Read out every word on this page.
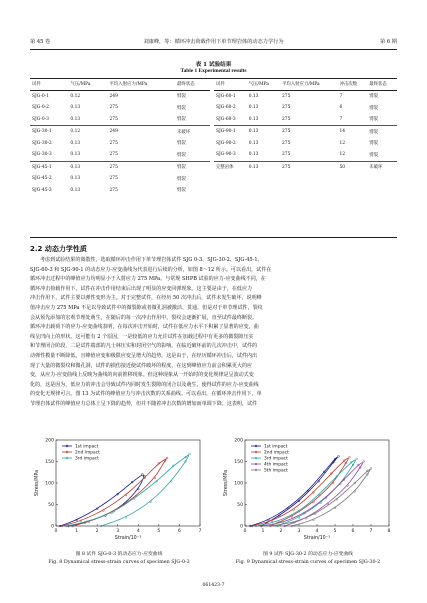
第 45 卷	刘康峰，等：循环冲击荷载作用下单节理岩体的动态力学行为	第 6 期
表 1 试验结果
Table 1 Experimental results
试件	气压/MPa	平均入射应力/MPa	最终状态
SJG-0-1	0.12	249	劈裂
SJG-0-2	0.13	275	劈裂
SJG-0-3	0.13	275	劈裂
SJG-30-1	0.12	249	未破坏
SJG-30-2	0.13	275	劈裂
SJG-30-3	0.13	275	劈裂
SJG-45-1	0.13	275	劈裂
SJG-45-2	0.13	275	劈裂
SJG-45-3	0.13	275	劈裂
试件	气压/MPa	平均入射应力/MPa	冲击次数	最终状态
SJG-60-1	0.13	275	7	劈裂
SJG-60-2	0.13	275	6	劈裂
SJG-60-3	0.13	275	7	劈裂
SJG-90-1	0.13	275	14	劈裂
SJG-90-2	0.13	275	12	劈裂
SJG-90-3	0.13	275	12	劈裂
完整岩体	0.13	275	50	未破坏

2.2 动态力学性质
考虑到试验结果的离散性，选取循环冲击作用下单节理岩体试件 SJG 0-3、SJG-30-2、SJG-45-1、
SJG-60-3 和 SJG-90-1 的动态应力-应变曲线为代表进行后续的分析，如图 8～12 所示。可以看出，试件在
循环冲击过程中的峰值应力均明显小于入射应力 275 MPa。与常规 SHPB 试验的应力-应变曲线不同，在
循环冲击荷载作用下，试件在冲击作用结束后出现了明显的应变回弹现象。这主要是由于，在低应力
冲击作用下，试件主要以弹性变形为主。对于完整试件，在经历 50 次冲击后，试件未发生破坏，说明峰
值冲击应力 275 MPa 不足以导致试件中的微裂隙或者微孔洞被激活、贯通。但是对于单节理试件，裂纹
会从预先添加的宏观节理处萌生，在随后的每一次冲击作用中，裂纹会逐渐扩展，直至试件最终断裂。
循环冲击载荷下的应力-应变曲线表明，在每次冲击开始时，试件在低应力水平下积累了显著的应变，曲
线呈凹向上的形状。这可能有 2 个原因，一是较低的应力允许试件在加载过程中有更多的微裂隙压实
和节理闭合阶段，二是试件端部的凡士林压实和封闭空气的影响。在临近破坏前的几次冲击中，试件的
动弹性模量不断降低，且峰值应变和极限应变呈增大的趋势。这是由于，在经历循环冲击后，试件内出
现了大量的微裂纹和微孔洞，试件的损伤接近使试件破坏的程度，在这到峰值应力前会积累更大的应
变，从应力-应变曲线上反映为曲线的向前推移现象。但这种现象从一开始时的变化规律是呈波动式变
化的，这是因为，低应力的冲击会导致试件内同时发生裂隙的闭合以及萌生，使得试件的应力-应变曲线
的变化无规律可言。图 13 为试件的峰值应力与冲击次数的关系曲线。可以看出，在循环冲击作用下，单
节理岩体试件的峰值应力总体上呈下降的趋势，但并不随着冲击次数的增加而单调下降。这表明，试件
0	1	2	3	4	5	6	7
0
50
100
150
200
Strain/10⁻³
Stress/MPa
1st impact
2nd impact
3rd impact
0	1	2	3	4	5	6	7	8
0
50
100
150
200
Strain/10⁻³
Stress/MPa
1st impact
2nd impact
3rd impact
4th impact
5th impact
图 8 试件 SJG-0-3 的动态应力-应变曲线
Fig. 8 Dynamical stress-strain curves of specimen SJG-0-3
图 9 试件 SJG-30-2 的动态应力-应变曲线
Fig. 9 Dynamical stress-strain curves of specimen SJG-30-2
061423-7
